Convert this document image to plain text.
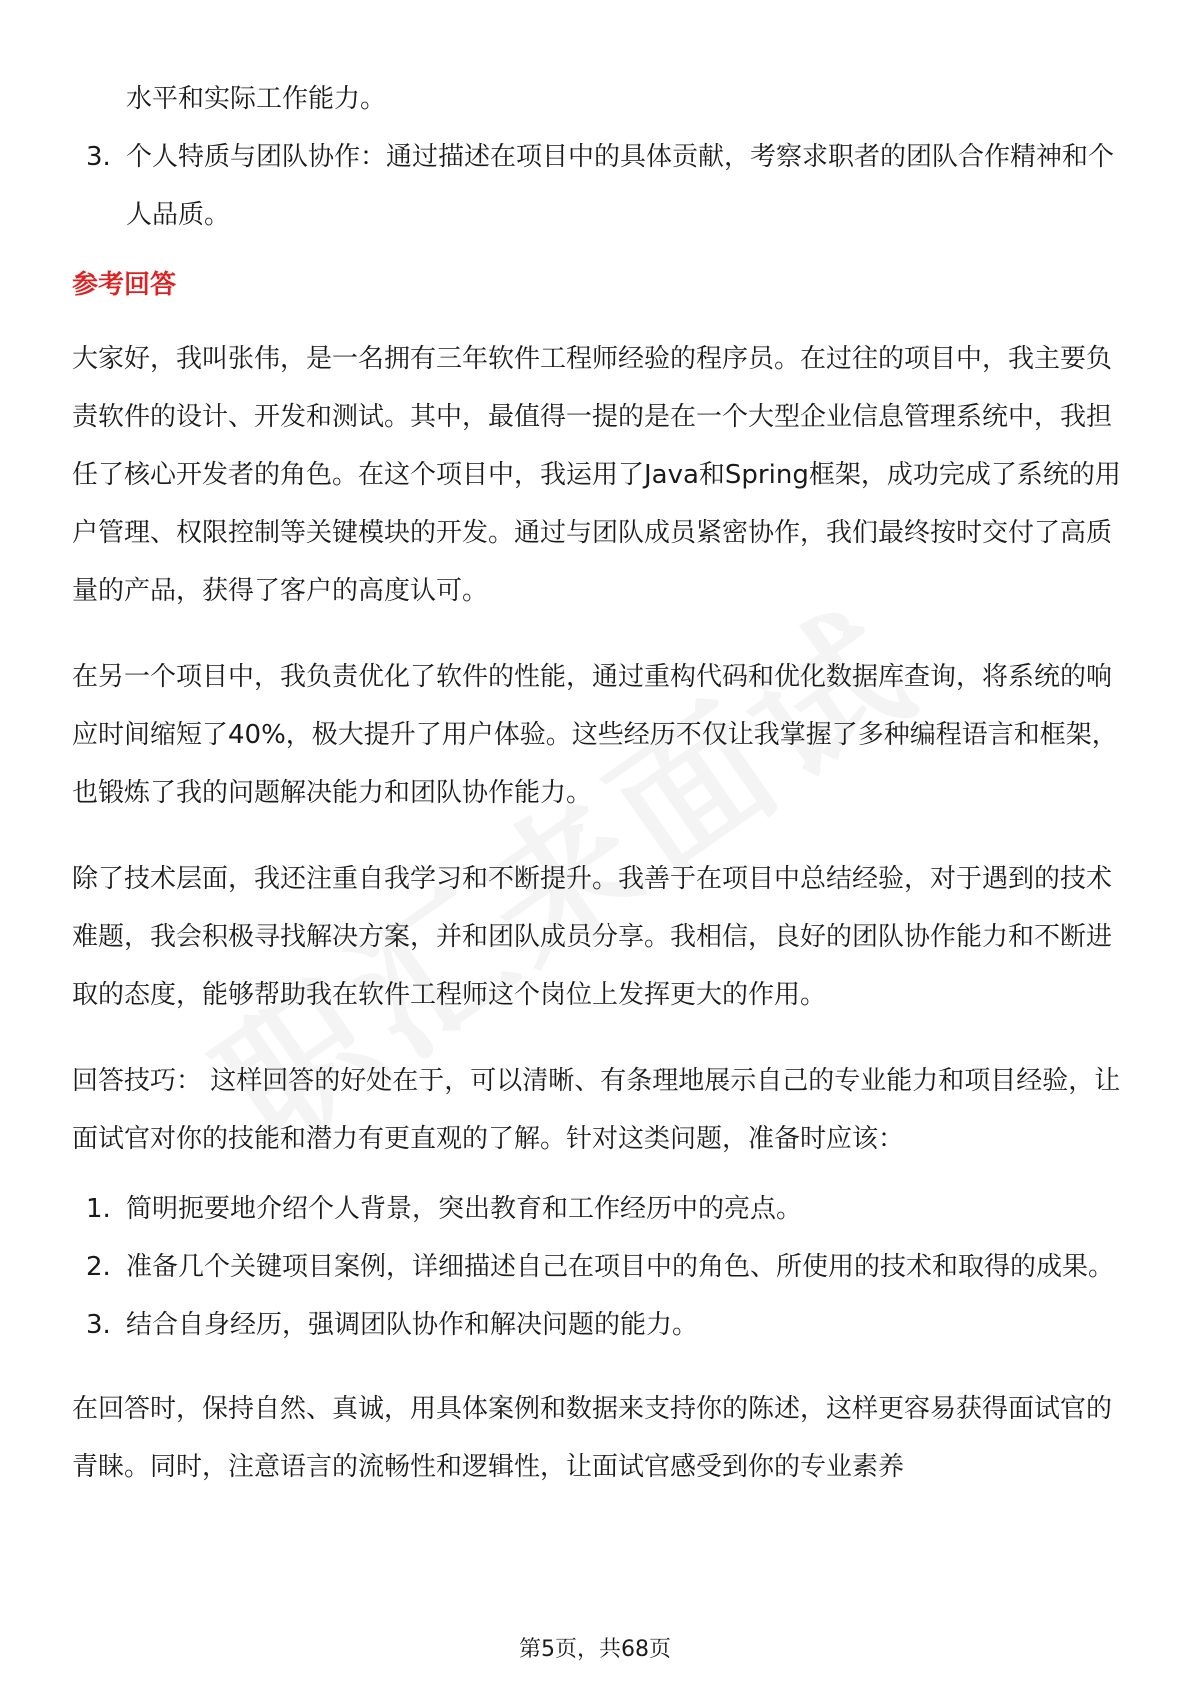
水平和实际工作能力。
3. 个人特质与团队协作：通过描述在项目中的具体贡献，考察求职者的团队合作精神和个人品质。
参考回答

大家好，我叫张伟，是一名拥有三年软件工程师经验的程序员。在过往的项目中，我主要负责软件的设计、开发和测试。其中，最值得一提的是在一个大型企业信息管理系统中，我担任了核心开发者的角色。在这个项目中，我运用了Java和Spring框架，成功完成了系统的用户管理、权限控制等关键模块的开发。通过与团队成员紧密协作，我们最终按时交付了高质量的产品，获得了客户的高度认可。

在另一个项目中，我负责优化了软件的性能，通过重构代码和优化数据库查询，将系统的响应时间缩短了40%，极大提升了用户体验。这些经历不仅让我掌握了多种编程语言和框架，也锻炼了我的问题解决能力和团队协作能力。

除了技术层面，我还注重自我学习和不断提升。我善于在项目中总结经验，对于遇到的技术难题，我会积极寻找解决方案，并和团队成员分享。我相信，良好的团队协作能力和不断进取的态度，能够帮助我在软件工程师这个岗位上发挥更大的作用。

回答技巧： 这样回答的好处在于，可以清晰、有条理地展示自己的专业能力和项目经验，让面试官对你的技能和潜力有更直观的了解。针对这类问题，准备时应该：

1. 简明扼要地介绍个人背景，突出教育和工作经历中的亮点。
2. 准备几个关键项目案例，详细描述自己在项目中的角色、所使用的技术和取得的成果。
3. 结合自身经历，强调团队协作和解决问题的能力。

在回答时，保持自然、真诚，用具体案例和数据来支持你的陈述，这样更容易获得面试官的青睐。同时，注意语言的流畅性和逻辑性，让面试官感受到你的专业素养

第5页，共68页
